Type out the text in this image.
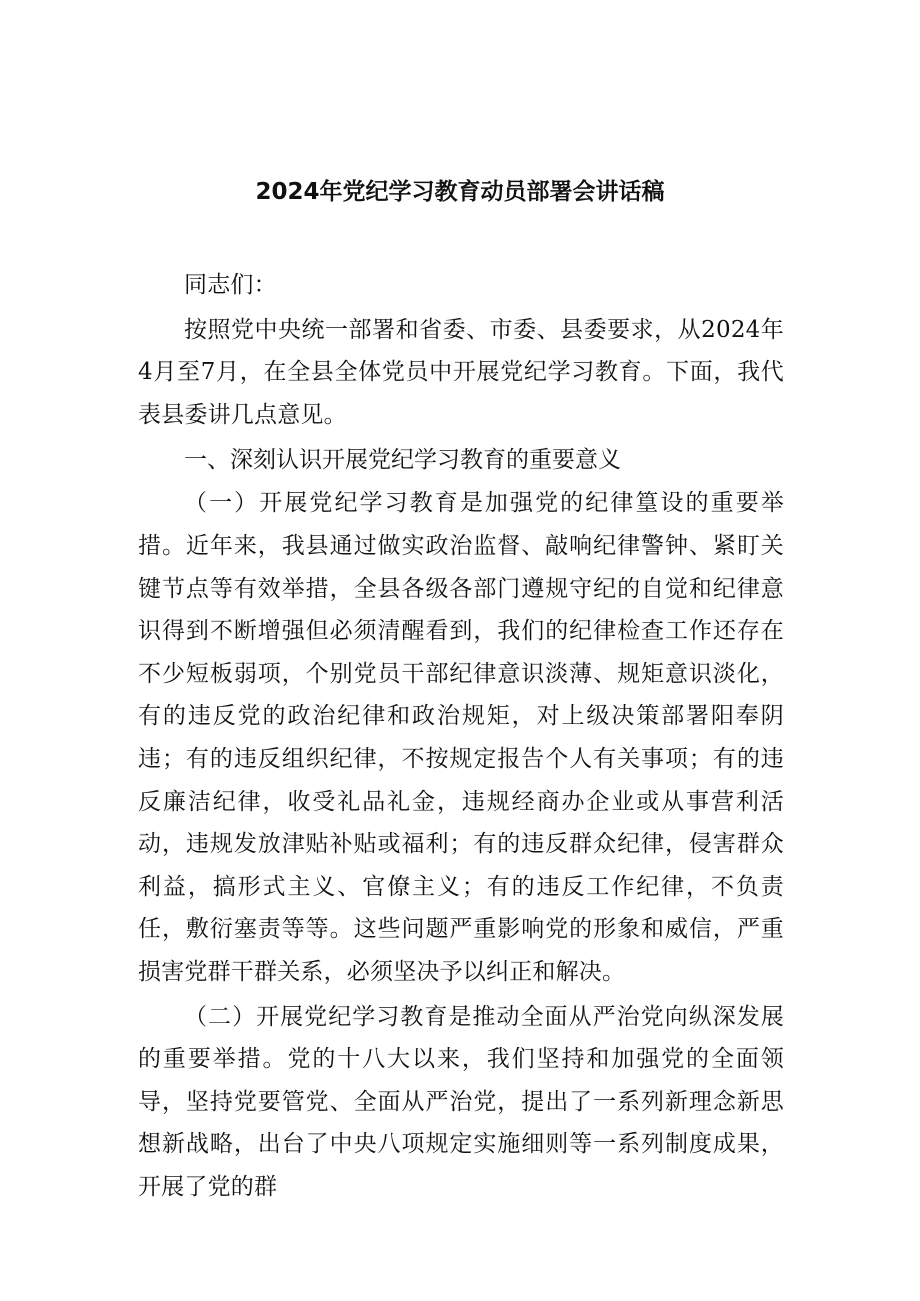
2024年党纪学习教育动员部署会讲话稿

同志们：

按照党中央统一部署和省委、市委、县委要求，从2024年4月至7月，在全县全体党员中开展党纪学习教育。下面，我代表县委讲几点意见。

一、深刻认识开展党纪学习教育的重要意义

（一）开展党纪学习教育是加强党的纪律篁设的重要举措。近年来，我县通过做实政治监督、敲响纪律警钟、紧盯关键节点等有效举措，全县各级各部门遵规守纪的自觉和纪律意识得到不断增强但必须清醒看到，我们的纪律检查工作还存在不少短板弱项，个别党员干部纪律意识淡薄、规矩意识淡化，有的违反党的政治纪律和政治规矩，对上级决策部署阳奉阴违；有的违反组织纪律，不按规定报告个人有关事项；有的违反廉洁纪律，收受礼品礼金，违规经商办企业或从事营利活动，违规发放津贴补贴或福利；有的违反群众纪律，侵害群众利益，搞形式主义、官僚主义；有的违反工作纪律，不负责任，敷衍塞责等等。这些问题严重影响党的形象和威信，严重损害党群干群关系，必须坚决予以纠正和解决。

（二）开展党纪学习教育是推动全面从严治党向纵深发展的重要举措。党的十八大以来，我们坚持和加强党的全面领导，坚持党要管党、全面从严治党，提出了一系列新理念新思想新战略，出台了中央八项规定实施细则等一系列制度成果，开展了党的群
